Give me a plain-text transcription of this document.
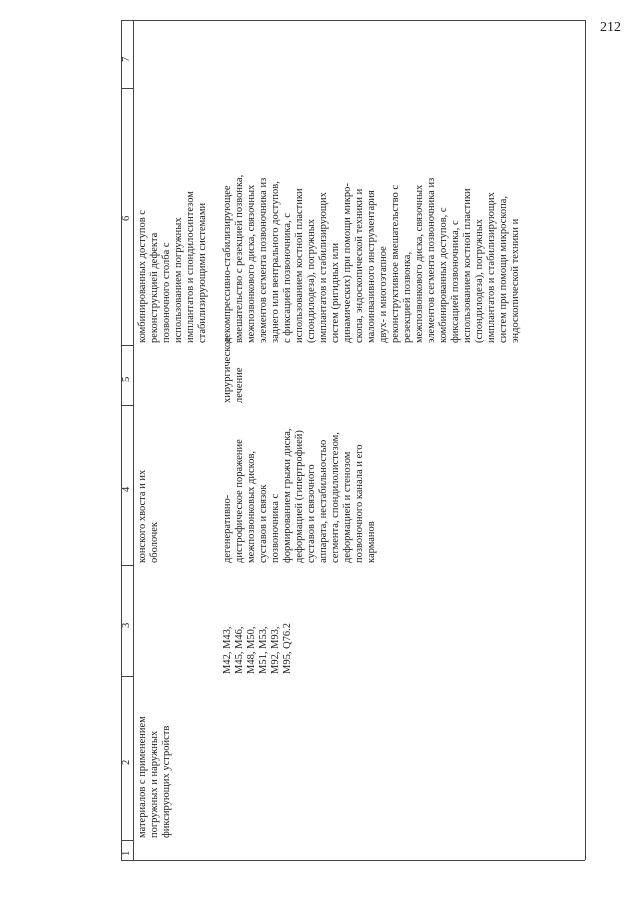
212
1
2
3
4
5
6
7
материалов с применением погружных и наружных фиксирующих устройств
M42, M43, M45, M46, M48, M50, M51, M53, M92, M93, M95, Q76.2
конского хвоста и их оболочек	дегенеративно- дистрофическое поражение межпозвонковых дисков, суставов и связок позвоночника с формированием грыжи диска, деформацией (гипертрофией) суставов и связочного аппарата, нестабильностью сегмента, спондилолистезом, деформацией и стенозом позвоночного канала и его карманов
хирургическое лечение
комбинированных доступов с реконструкцией дефекта позвоночного столба с использованием погружных имплантатов и спондилосинтезом стабилизирующими системами декомпрессивно-стабилизирующее вмешательство с резекцией позвонка, межпозвонкового диска, связочных элементов сегмента позвоночника из заднего или вентрального доступов, с фиксацией позвоночника, с использованием костной пластики (спондилодеза), погружных имплантатов и стабилизирующих систем (ригидных или динамических) при помощи микро- скопа, эндоскопической техники и малоинвазивного инструментария двух- и многоэтапное реконструктивное вмешательство с резекцией позвонка, межпозвонкового диска, связочных элементов сегмента позвоночника из комбинированных доступов, с фиксацией позвоночника, с использованием костной пластики (спондилодеза), погружных имплантатов и стабилизирующих систем при помощи микроскопа, эндоскопической техники и
